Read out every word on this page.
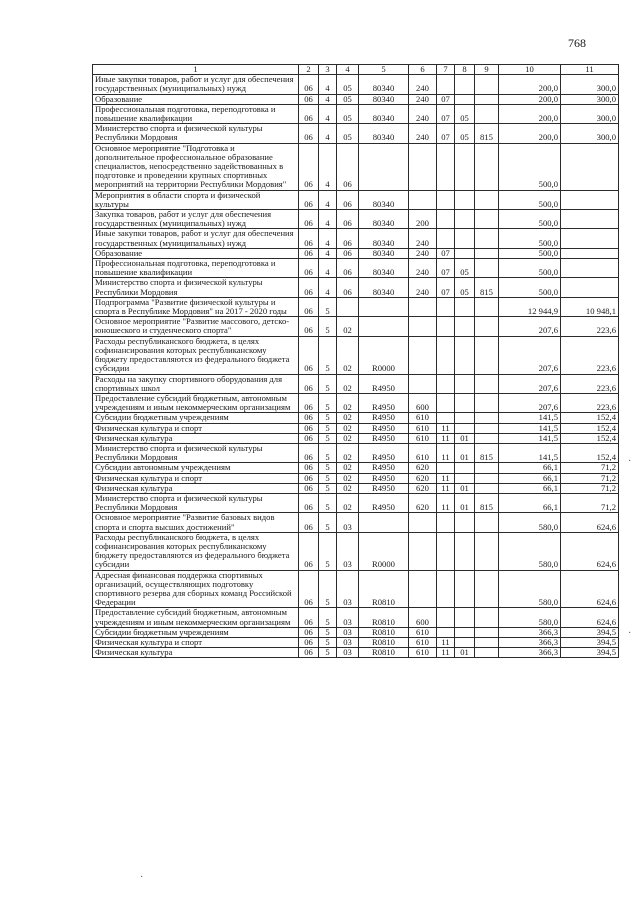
768
1	2	3	4	5	6	7	8	9	10	11
Иные закупки товаров, работ и услуг для обеспечения государственных (муниципальных) нужд	06	4	05	80340	240				200,0	300,0
Образование	06	4	05	80340	240	07			200,0	300,0
Профессиональная подготовка, переподготовка и повышение квалификации	06	4	05	80340	240	07	05		200,0	300,0
Министерство спорта и физической культуры Республики Мордовия	06	4	05	80340	240	07	05	815	200,0	300,0
Основное мероприятие "Подготовка и дополнительное профессиональное образование специалистов, непосредственно задействованных в подготовке и проведении крупных спортивных мероприятий на территории Республики Мордовия"	06	4	06						500,0	
Мероприятия в области спорта и физической культуры	06	4	06	80340					500,0	
Закупка товаров, работ и услуг для обеспечения государственных (муниципальных) нужд	06	4	06	80340	200				500,0	
Иные закупки товаров, работ и услуг для обеспечения государственных (муниципальных) нужд	06	4	06	80340	240				500,0	
Образование	06	4	06	80340	240	07			500,0	
Профессиональная подготовка, переподготовка и повышение квалификации	06	4	06	80340	240	07	05		500,0	
Министерство спорта и физической культуры Республики Мордовия	06	4	06	80340	240	07	05	815	500,0	
Подпрограмма "Развитие физической культуры и спорта в Республике Мордовия" на 2017 - 2020 годы	06	5							12 944,9	10 948,1
Основное мероприятие "Развитие массового, детско-юношеского и студенческого спорта"	06	5	02						207,6	223,6
Расходы республиканского бюджета, в целях софинансирования которых республиканскому бюджету предоставляются из федерального бюджета субсидии	06	5	02	R0000					207,6	223,6
Расходы на закупку спортивного оборудования для спортивных школ	06	5	02	R4950					207,6	223,6
Предоставление субсидий бюджетным, автономным учреждениям и иным некоммерческим организациям	06	5	02	R4950	600				207,6	223,6
Субсидии бюджетным учреждениям	06	5	02	R4950	610				141,5	152,4
Физическая культура и спорт	06	5	02	R4950	610	11			141,5	152,4
Физическая культура	06	5	02	R4950	610	11	01		141,5	152,4
Министерство спорта и физической культуры Республики Мордовия	06	5	02	R4950	610	11	01	815	141,5	152,4
Субсидии автономным учреждениям	06	5	02	R4950	620				66,1	71,2
Физическая культура и спорт	06	5	02	R4950	620	11			66,1	71,2
Физическая культура	06	5	02	R4950	620	11	01		66,1	71,2
Министерство спорта и физической культуры Республики Мордовия	06	5	02	R4950	620	11	01	815	66,1	71,2
Основное мероприятие "Развитие базовых видов спорта и спорта высших достижений"	06	5	03						580,0	624,6
Расходы республиканского бюджета, в целях софинансирования которых республиканскому бюджету предоставляются из федерального бюджета субсидии	06	5	03	R0000					580,0	624,6
Адресная финансовая поддержка спортивных организаций, осуществляющих подготовку спортивного резерва для сборных команд Российской Федерации	06	5	03	R0810					580,0	624,6
Предоставление субсидий бюджетным, автономным учреждениям и иным некоммерческим организациям	06	5	03	R0810	600				580,0	624,6
Субсидии бюджетным учреждениям	06	5	03	R0810	610				366,3	394,5
Физическая культура и спорт	06	5	03	R0810	610	11			366,3	394,5
Физическая культура	06	5	03	R0810	610	11	01		366,3	394,5
·
·
·
